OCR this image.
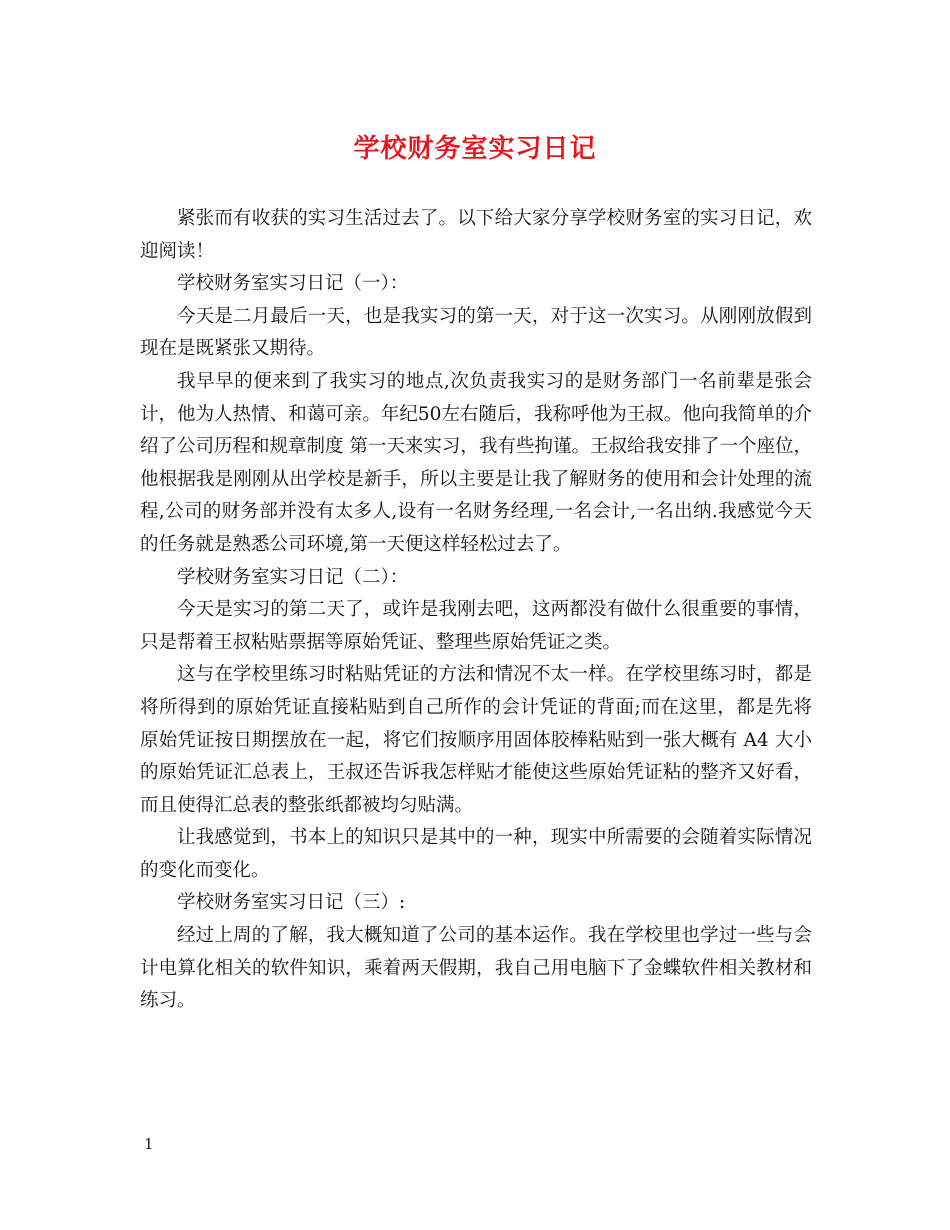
学校财务室实习日记

紧张而有收获的实习生活过去了。以下给大家分享学校财务室的实习日记，欢迎阅读！

学校财务室实习日记（一）：

今天是二月最后一天，也是我实习的第一天，对于这一次实习。从刚刚放假到现在是既紧张又期待。

我早早的便来到了我实习的地点,次负责我实习的是财务部门一名前辈是张会计，他为人热情、和蔼可亲。年纪50左右随后，我称呼他为王叔。他向我简单的介绍了公司历程和规章制度 第一天来实习，我有些拘谨。王叔给我安排了一个座位， 他根据我是刚刚从出学校是新手，所以主要是让我了解财务的使用和会计处理的流程,公司的财务部并没有太多人,设有一名财务经理,一名会计,一名出纳.我感觉今天的任务就是熟悉公司环境,第一天便这样轻松过去了。

学校财务室实习日记（二）：

今天是实习的第二天了，或许是我刚去吧，这两都没有做什么很重要的事情，只是帮着王叔粘贴票据等原始凭证、整理些原始凭证之类。

这与在学校里练习时粘贴凭证的方法和情况不太一样。在学校里练习时，都是将所得到的原始凭证直接粘贴到自己所作的会计凭证的背面;而在这里，都是先将原始凭证按日期摆放在一起，将它们按顺序用固体胶棒粘贴到一张大概有 A4 大小的原始凭证汇总表上，王叔还告诉我怎样贴才能使这些原始凭证粘的整齐又好看，而且使得汇总表的整张纸都被均匀贴满。

让我感觉到，书本上的知识只是其中的一种，现实中所需要的会随着实际情况的变化而变化。

学校财务室实习日记（三）:

经过上周的了解，我大概知道了公司的基本运作。我在学校里也学过一些与会计电算化相关的软件知识，乘着两天假期，我自己用电脑下了金蝶软件相关教材和练习。

1
